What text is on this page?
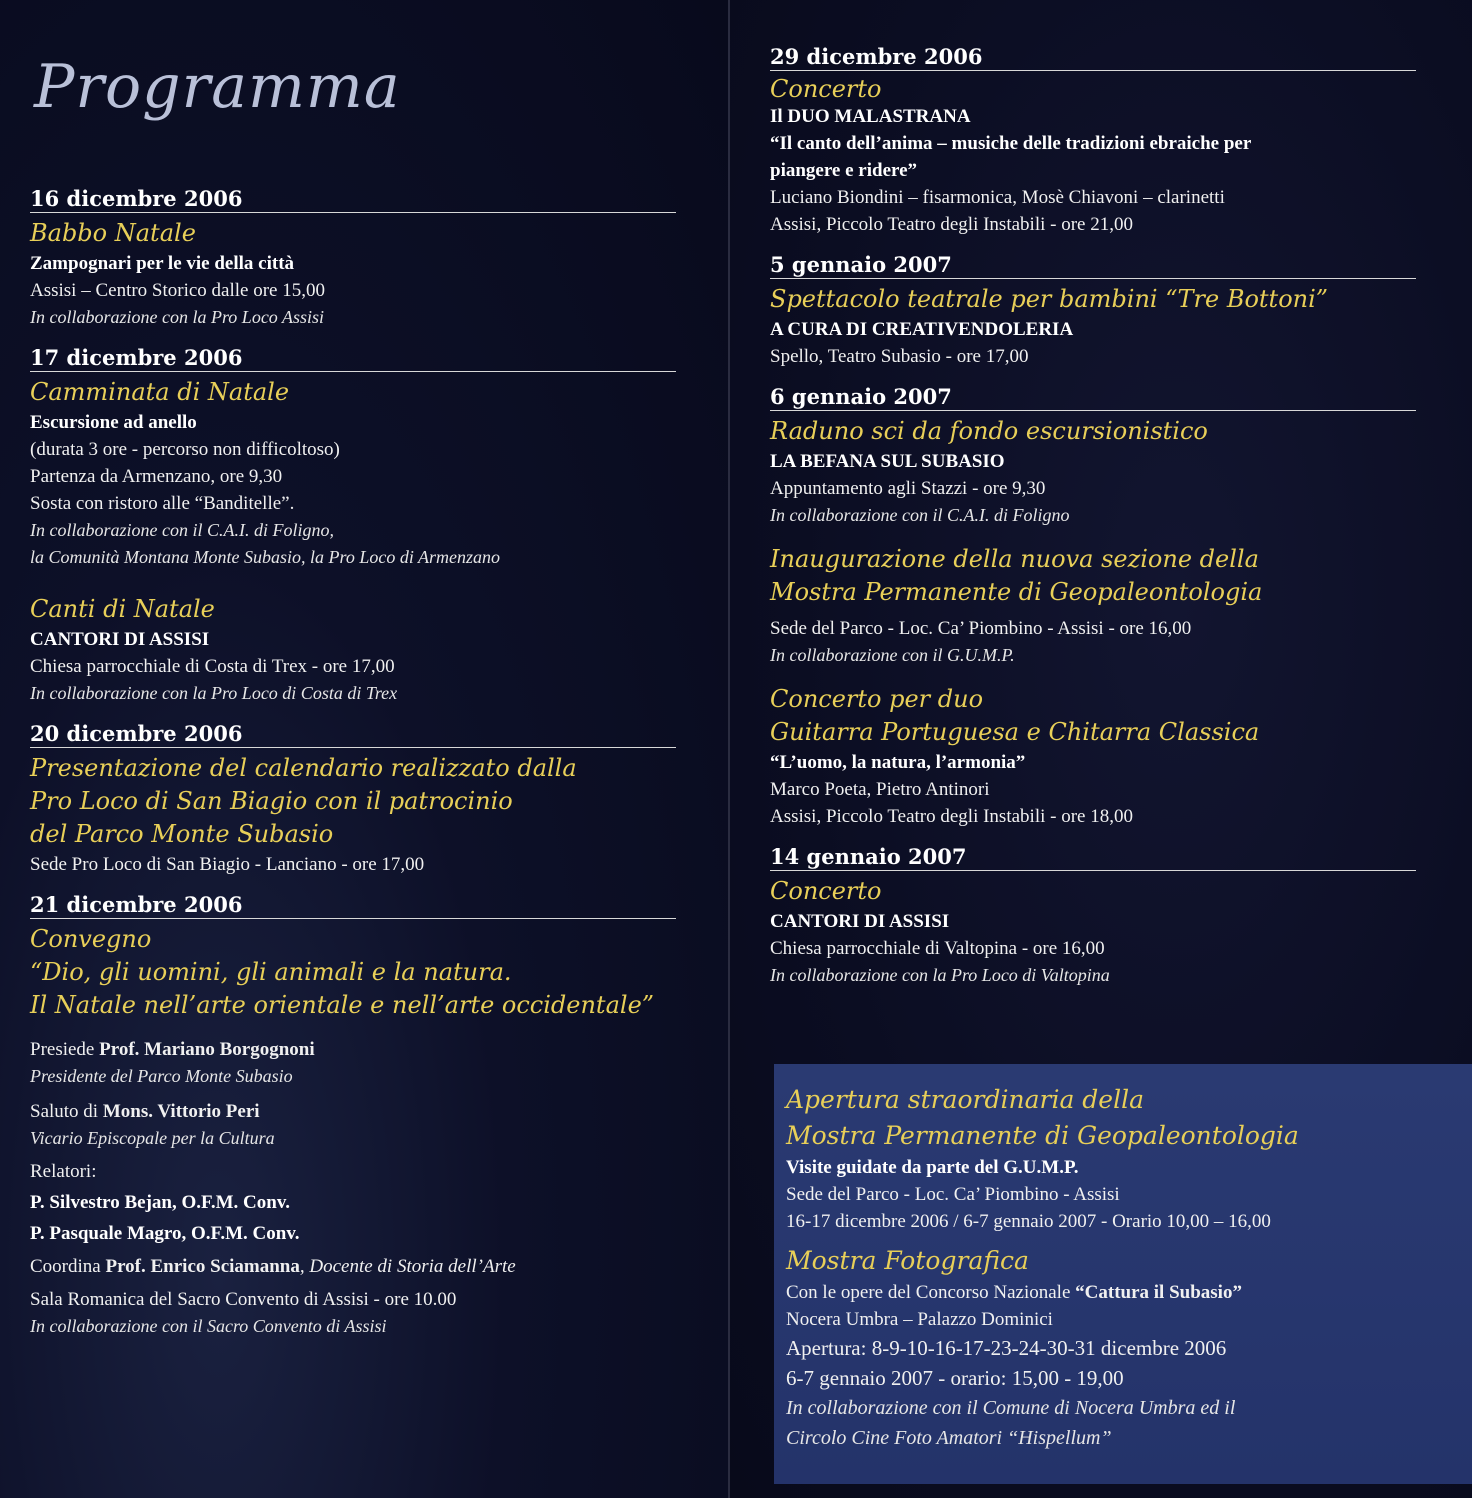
Programma
16 dicembre 2006
Babbo Natale
Zampognari per le vie della città
Assisi – Centro Storico dalle ore 15,00
In collaborazione con la Pro Loco Assisi
17 dicembre 2006
Camminata di Natale
Escursione ad anello
(durata 3 ore - percorso non difficoltoso)
Partenza da Armenzano, ore 9,30
Sosta con ristoro alle “Banditelle”.
In collaborazione con il C.A.I. di Foligno,
la Comunità Montana Monte Subasio, la Pro Loco di Armenzano
Canti di Natale
CANTORI DI ASSISI
Chiesa parrocchiale di Costa di Trex - ore 17,00
In collaborazione con la Pro Loco di Costa di Trex
20 dicembre 2006
Presentazione del calendario realizzato dalla
Pro Loco di San Biagio con il patrocinio
del Parco Monte Subasio
Sede Pro Loco di San Biagio - Lanciano - ore 17,00
21 dicembre 2006
Convegno
“Dio, gli uomini, gli animali e la natura.
Il Natale nell’arte orientale e nell’arte occidentale”
Presiede Prof. Mariano Borgognoni
Presidente del Parco Monte Subasio
Saluto di Mons. Vittorio Peri
Vicario Episcopale per la Cultura
Relatori:
P. Silvestro Bejan, O.F.M. Conv.
P. Pasquale Magro, O.F.M. Conv.
Coordina Prof. Enrico Sciamanna, Docente di Storia dell’Arte
Sala Romanica del Sacro Convento di Assisi - ore 10.00
In collaborazione con il Sacro Convento di Assisi
29 dicembre 2006
Concerto
Il DUO MALASTRANA
“Il canto dell’anima – musiche delle tradizioni ebraiche per
piangere e ridere”
Luciano Biondini – fisarmonica, Mosè Chiavoni – clarinetti
Assisi, Piccolo Teatro degli Instabili - ore 21,00
5 gennaio 2007
Spettacolo teatrale per bambini “Tre Bottoni”
A CURA DI CREATIVENDOLERIA
Spello, Teatro Subasio - ore 17,00
6 gennaio 2007
Raduno sci da fondo escursionistico
LA BEFANA SUL SUBASIO
Appuntamento agli Stazzi - ore 9,30
In collaborazione con il C.A.I. di Foligno
Inaugurazione della nuova sezione della
Mostra Permanente di Geopaleontologia
Sede del Parco - Loc. Ca’ Piombino - Assisi - ore 16,00
In collaborazione con il G.U.M.P.
Concerto per duo
Guitarra Portuguesa e Chitarra Classica
“L’uomo, la natura, l’armonia”
Marco Poeta, Pietro Antinori
Assisi, Piccolo Teatro degli Instabili - ore 18,00
14 gennaio 2007
Concerto
CANTORI DI ASSISI
Chiesa parrocchiale di Valtopina - ore 16,00
In collaborazione con la Pro Loco di Valtopina
Apertura straordinaria della
Mostra Permanente di Geopaleontologia
Visite guidate da parte del G.U.M.P.
Sede del Parco - Loc. Ca’ Piombino - Assisi
16-17 dicembre 2006 / 6-7 gennaio 2007 - Orario 10,00 – 16,00
Mostra Fotografica
Con le opere del Concorso Nazionale “Cattura il Subasio”
Nocera Umbra – Palazzo Dominici
Apertura: 8-9-10-16-17-23-24-30-31 dicembre 2006
6-7 gennaio 2007 - orario: 15,00 - 19,00
In collaborazione con il Comune di Nocera Umbra ed il
Circolo Cine Foto Amatori “Hispellum”
